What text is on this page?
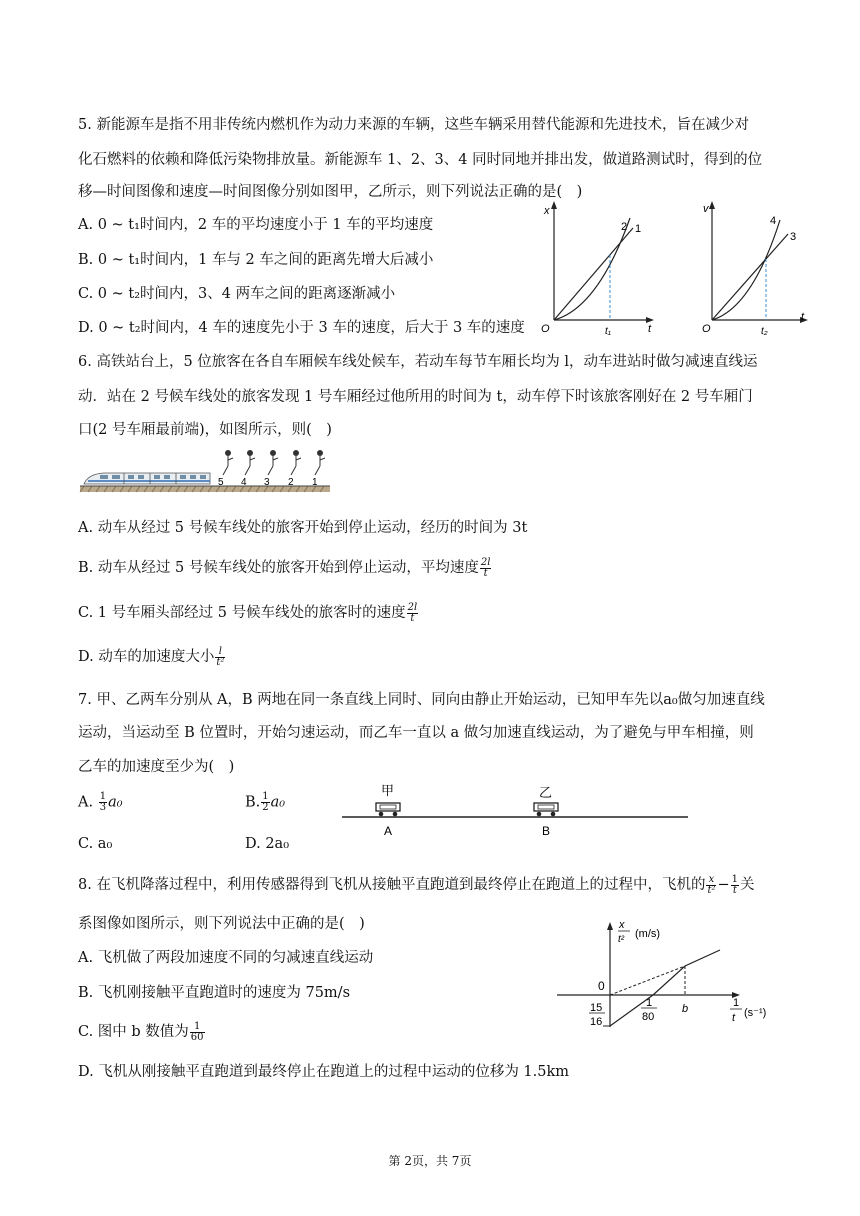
5. 新能源车是指不用非传统内燃机作为动力来源的车辆，这些车辆采用替代能源和先进技术，旨在减少对
化石燃料的依赖和降低污染物排放量。新能源车 1、2、3、4 同时同地并排出发，做道路测试时，得到的位
移—时间图像和速度—时间图像分别如图甲，乙所示，则下列说法正确的是(　)
A. 0 ~ t₁时间内，2 车的平均速度小于 1 车的平均速度
B. 0 ~ t₁时间内，1 车与 2 车之间的距离先增大后减小
C. 0 ~ t₂时间内，3、4 两车之间的距离逐渐减小
D. 0 ~ t₂时间内，4 车的速度先小于 3 车的速度，后大于 3 车的速度
x
t
O	t₁
1
2
v
t
O	t₂
3
4
6. 高铁站台上，5 位旅客在各自车厢候车线处候车，若动车每节车厢长均为 l，动车进站时做匀减速直线运
动．站在 2 号候车线处的旅客发现 1 号车厢经过他所用的时间为 t，动车停下时该旅客刚好在 2 号车厢门
口(2 号车厢最前端)，如图所示，则(　)
5 4 3 2 1
A. 动车从经过 5 号候车线处的旅客开始到停止运动，经历的时间为 3t
B. 动车从经过 5 号候车线处的旅客开始到停止运动，平均速度 $\frac{2l}{t}$
C. 1 号车厢头部经过 5 号候车线处的旅客时的速度 $\frac{2l}{t}$
D. 动车的加速度大小 $\frac{l}{\text{t²}}$
7. 甲、乙两车分别从 A，B 两地在同一条直线上同时、同向由静止开始运动，已知甲车先以a₀做匀加速直线
运动，当运动至 B 位置时，开始匀速运动，而乙车一直以 a 做匀加速直线运动，为了避免与甲车相撞，则
乙车的加速度至少为(　)
A. $\frac{1}{3} a_0$	B. $\frac{1}{2} a_0$
C. a₀	D. 2a₀
甲	乙
A	B
8. 在飞机降落过程中，利用传感器得到飞机从接触平直跑道到最终停止在跑道上的过程中，飞机的 $\frac{x}{\text{t²}} - \frac{1}{t}$ 关
系图像如图所示，则下列说法中正确的是(　)
A. 飞机做了两段加速度不同的匀减速直线运动
B. 飞机刚接触平直跑道时的速度为 75m/s
C. 图中 b 数值为 $\frac{1}{60}$
D. 飞机从刚接触平直跑道到最终停止在跑道上的过程中运动的位移为 1.5km
x
t² (m/s)
0
15
16
1
80
b	1
t (s⁻¹)
第 2页，共 7页
